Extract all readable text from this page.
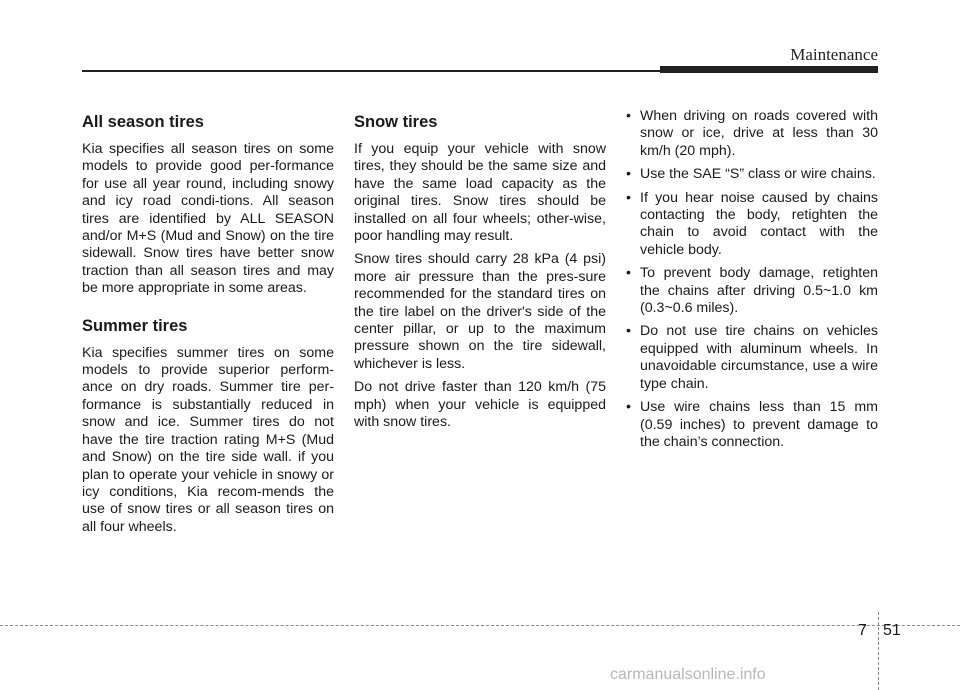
Maintenance
All season tires

Kia specifies all season tires on some models to provide good per-formance for use all year round, including snowy and icy road condi-tions. All season tires are identified by ALL SEASON and/or M+S (Mud and Snow) on the tire sidewall. Snow tires have better snow traction than all season tires and may be more appropriate in some areas.

Summer tires

Kia specifies summer tires on some models to provide superior perform-ance on dry roads. Summer tire per-formance is substantially reduced in snow and ice. Summer tires do not have the tire traction rating M+S (Mud and Snow) on the tire side wall. if you plan to operate your vehicle in snowy or icy conditions, Kia recom-mends the use of snow tires or all season tires on all four wheels.

Snow tires

If you equip your vehicle with snow tires, they should be the same size and have the same load capacity as the original tires. Snow tires should be installed on all four wheels; other-wise, poor handling may result.

Snow tires should carry 28 kPa (4 psi) more air pressure than the pres-sure recommended for the standard tires on the tire label on the driver's side of the center pillar, or up to the maximum pressure shown on the tire sidewall, whichever is less.

Do not drive faster than 120 km/h (75 mph) when your vehicle is equipped with snow tires.

• When driving on roads covered with snow or ice, drive at less than 30 km/h (20 mph).
• Use the SAE “S” class or wire chains.
• If you hear noise caused by chains contacting the body, retighten the chain to avoid contact with the vehicle body.
• To prevent body damage, retighten the chains after driving 0.5~1.0 km (0.3~0.6 miles).
• Do not use tire chains on vehicles equipped with aluminum wheels. In unavoidable circumstance, use a wire type chain.
• Use wire chains less than 15 mm (0.59 inches) to prevent damage to the chain’s connection.
7 51
carmanualsonline.info
